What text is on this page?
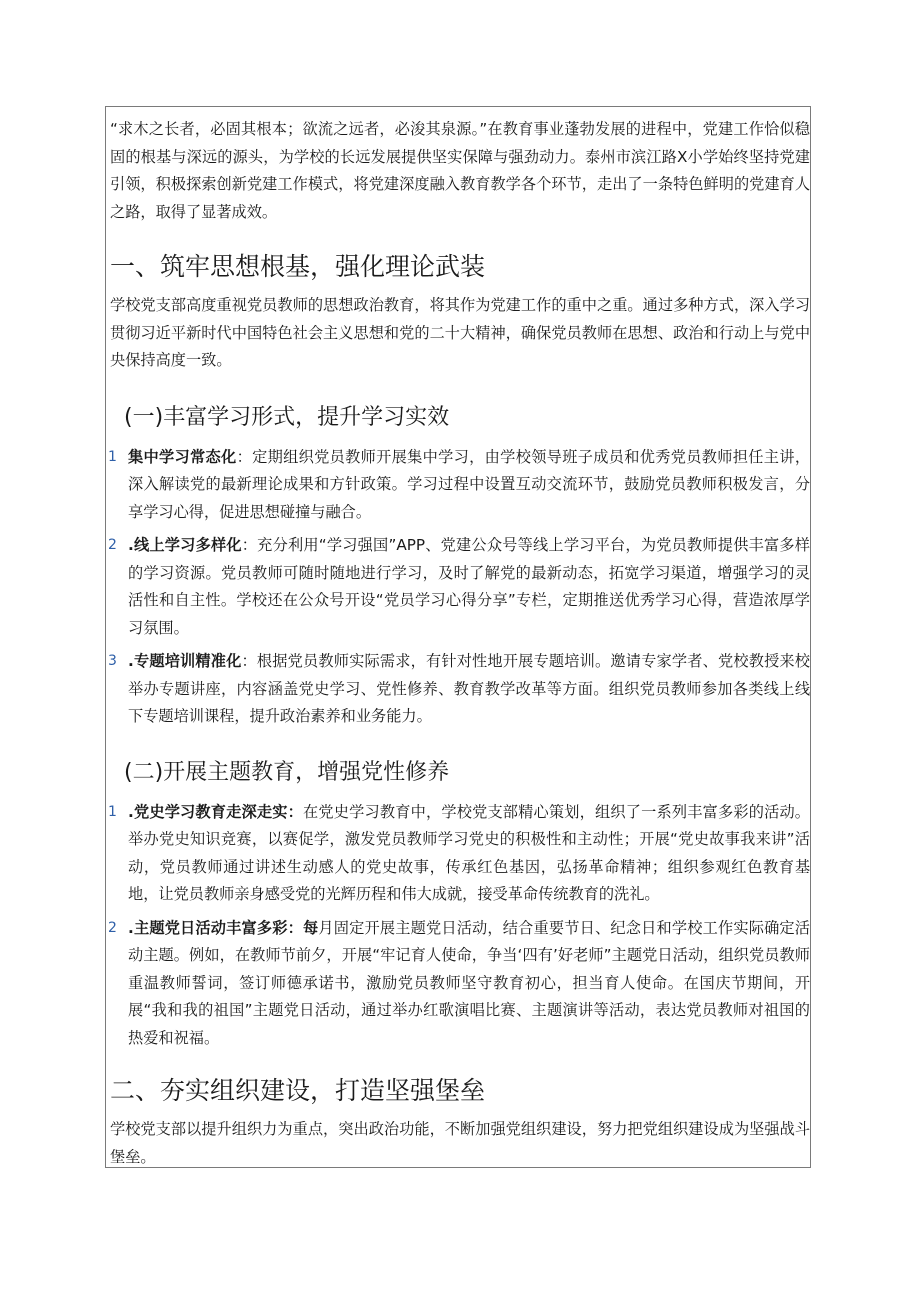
“求木之长者，必固其根本；欲流之远者，必浚其泉源。”在教育事业蓬勃发展的进程中，党建工作恰似稳固的根基与深远的源头，为学校的长远发展提供坚实保障与强劲动力。泰州市滨江路X小学始终坚持党建引领，积极探索创新党建工作模式，将党建深度融入教育教学各个环节，走出了一条特色鲜明的党建育人之路，取得了显著成效。

一、筑牢思想根基，强化理论武装

学校党支部高度重视党员教师的思想政治教育，将其作为党建工作的重中之重。通过多种方式，深入学习贯彻习近平新时代中国特色社会主义思想和党的二十大精神，确保党员教师在思想、政治和行动上与党中央保持高度一致。

(一)丰富学习形式，提升学习实效
1 集中学习常态化：定期组织党员教师开展集中学习，由学校领导班子成员和优秀党员教师担任主讲，深入解读党的最新理论成果和方针政策。学习过程中设置互动交流环节，鼓励党员教师积极发言，分享学习心得，促进思想碰撞与融合。
2 .线上学习多样化：充分利用“学习强国”APP、党建公众号等线上学习平台，为党员教师提供丰富多样的学习资源。党员教师可随时随地进行学习，及时了解党的最新动态，拓宽学习渠道，增强学习的灵活性和自主性。学校还在公众号开设“党员学习心得分享”专栏，定期推送优秀学习心得，营造浓厚学习氛围。
3 .专题培训精准化：根据党员教师实际需求，有针对性地开展专题培训。邀请专家学者、党校教授来校举办专题讲座，内容涵盖党史学习、党性修养、教育教学改革等方面。组织党员教师参加各类线上线下专题培训课程，提升政治素养和业务能力。
(二)开展主题教育，增强党性修养
1 .党史学习教育走深走实：在党史学习教育中，学校党支部精心策划，组织了一系列丰富多彩的活动。举办党史知识竞赛，以赛促学，激发党员教师学习党史的积极性和主动性；开展“党史故事我来讲”活动，党员教师通过讲述生动感人的党史故事，传承红色基因，弘扬革命精神；组织参观红色教育基地，让党员教师亲身感受党的光辉历程和伟大成就，接受革命传统教育的洗礼。
2 .主题党日活动丰富多彩：每月固定开展主题党日活动，结合重要节日、纪念日和学校工作实际确定活动主题。例如，在教师节前夕，开展“牢记育人使命，争当‘四有’好老师”主题党日活动，组织党员教师重温教师誓词，签订师德承诺书，激励党员教师坚守教育初心，担当育人使命。在国庆节期间，开展“我和我的祖国”主题党日活动，通过举办红歌演唱比赛、主题演讲等活动，表达党员教师对祖国的热爱和祝福。
二、夯实组织建设，打造坚强堡垒

学校党支部以提升组织力为重点，突出政治功能，不断加强党组织建设，努力把党组织建设成为坚强战斗堡垒。
